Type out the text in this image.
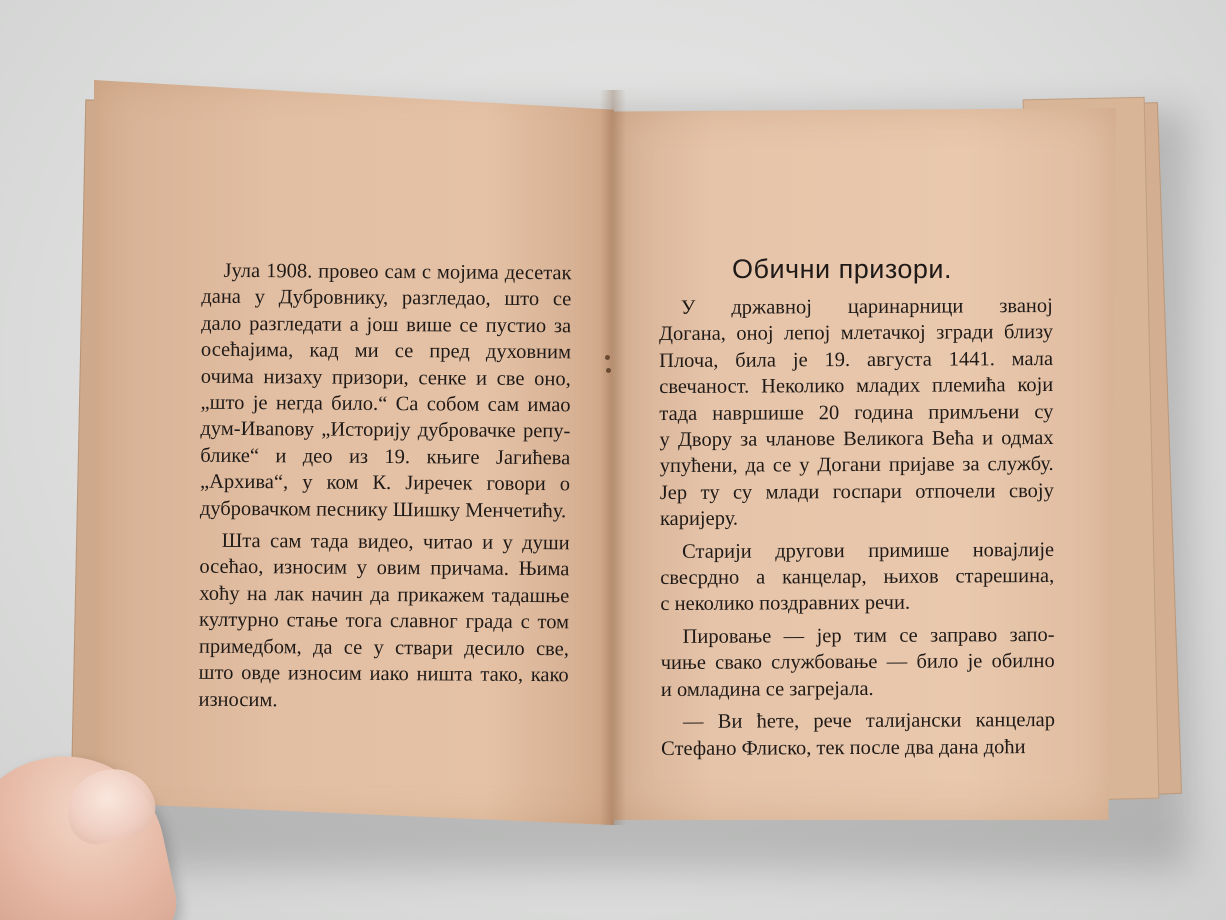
Јула 1908. провео сам с мојима десетак
дана у Дубровнику, разгледао, што се
дало разгледати а још више се пустио за
осећајима, кад ми се пред духовним
очима низаху призори, сенке и све оно,
„што је негда било.“ Са собом сам имао
дум-Ивanову „Историју дубровачке репу-
блике“ и део из 19. књиге Јагићева
„Архива“, у ком К. Јиречек говори о
дубровачком песнику Шишку Менчетићу.
Шта сам тада видео, читао и у души
осећао, износим у овим причама. Њима
хоћу на лак начин да прикажем тадашње
културно стање тога славног града с том
примедбом, да се у ствари десило све,
што овде износим иако ништа тако, како
износим.
Обични призори.
У државној царинарници званој
Догана, оној лепој млетачкој згради близу
Плоча, била је 19. августа 1441. мала
свечаност. Неколико младих племића који
тада навршише 20 година примљени су
у Двору за чланове Великога Већа и одмах
упућени, да се у Догани пријаве за службу.
Јер ту су млади госпари отпочели своју
каријеру.
Старији другови примише новајлије
свесрдно а канцелар, њихов старешина,
с неколико поздравних речи.
Пировање — јер тим се заправо запо-
чиње свако службовање — било је обилно
и омладина се загрејала.
— Ви ћете, рече талијански канцелар
Стефано Флиско, тек после два дана доћи
